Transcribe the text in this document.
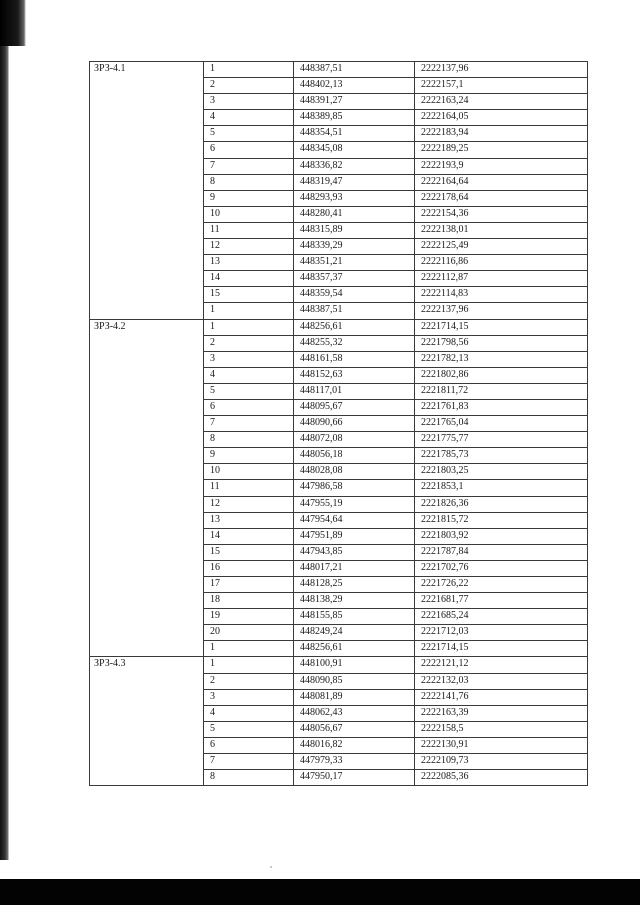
ЗРЗ-4.1	1	448387,51	2222137,96
	2	448402,13	2222157,1
	3	448391,27	2222163,24
	4	448389,85	2222164,05
	5	448354,51	2222183,94
	6	448345,08	2222189,25
	7	448336,82	2222193,9
	8	448319,47	2222164,64
	9	448293,93	2222178,64
	10	448280,41	2222154,36
	11	448315,89	2222138,01
	12	448339,29	2222125,49
	13	448351,21	2222116,86
	14	448357,37	2222112,87
	15	448359,54	2222114,83
	1	448387,51	2222137,96
ЗРЗ-4.2	1	448256,61	2221714,15
	2	448255,32	2221798,56
	3	448161,58	2221782,13
	4	448152,63	2221802,86
	5	448117,01	2221811,72
	6	448095,67	2221761,83
	7	448090,66	2221765,04
	8	448072,08	2221775,77
	9	448056,18	2221785,73
	10	448028,08	2221803,25
	11	447986,58	2221853,1
	12	447955,19	2221826,36
	13	447954,64	2221815,72
	14	447951,89	2221803,92
	15	447943,85	2221787,84
	16	448017,21	2221702,76
	17	448128,25	2221726,22
	18	448138,29	2221681,77
	19	448155,85	2221685,24
	20	448249,24	2221712,03
	1	448256,61	2221714,15
ЗРЗ-4.3	1	448100,91	2222121,12
	2	448090,85	2222132,03
	3	448081,89	2222141,76
	4	448062,43	2222163,39
	5	448056,67	2222158,5
	6	448016,82	2222130,91
	7	447979,33	2222109,73
	8	447950,17	2222085,36
